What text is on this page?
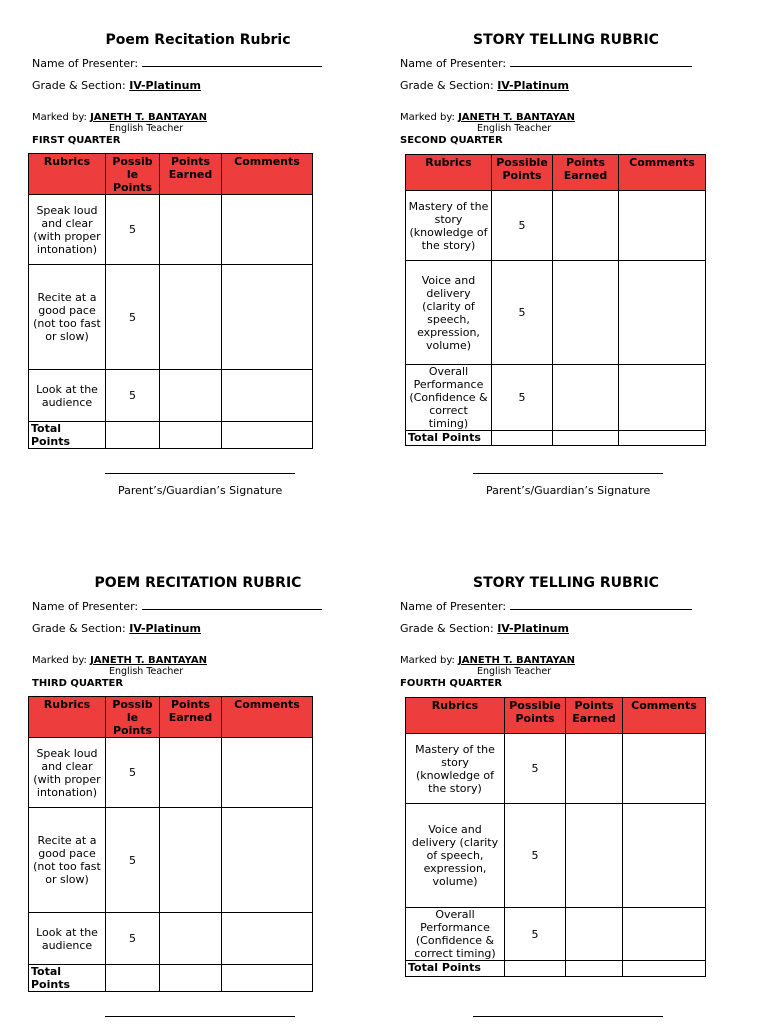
Poem Recitation Rubric
Name of Presenter:
Grade & Section: IV-Platinum
Marked by: JANETH T. BANTAYAN
English Teacher
FIRST QUARTER
Rubrics	Possib le Points	Points Earned	Comments
Speak loud and clear (with proper intonation)	5		
Recite at a good pace (not too fast or slow)	5		
Look at the audience	5		
Total Points			
Parent’s/Guardian’s Signature
STORY TELLING RUBRIC
Name of Presenter:
Grade & Section: IV-Platinum
Marked by: JANETH T. BANTAYAN
English Teacher
SECOND QUARTER
Rubrics	Possible Points	Points Earned	Comments
Mastery of the story (knowledge of the story)	5		
Voice and delivery (clarity of speech, expression, volume)	5		
Overall Performance (Confidence & correct timing)	5		
Total Points			
Parent’s/Guardian’s Signature
POEM RECITATION RUBRIC
Name of Presenter:
Grade & Section: IV-Platinum
Marked by: JANETH T. BANTAYAN
English Teacher
THIRD QUARTER
Rubrics	Possib le Points	Points Earned	Comments
Speak loud and clear (with proper intonation)	5		
Recite at a good pace (not too fast or slow)	5		
Look at the audience	5		
Total Points			
STORY TELLING RUBRIC
Name of Presenter:
Grade & Section: IV-Platinum
Marked by: JANETH T. BANTAYAN
English Teacher
FOURTH QUARTER
Rubrics	Possible Points	Points Earned	Comments
Mastery of the story (knowledge of the story)	5		
Voice and delivery (clarity of speech, expression, volume)	5		
Overall Performance (Confidence & correct timing)	5		
Total Points			
